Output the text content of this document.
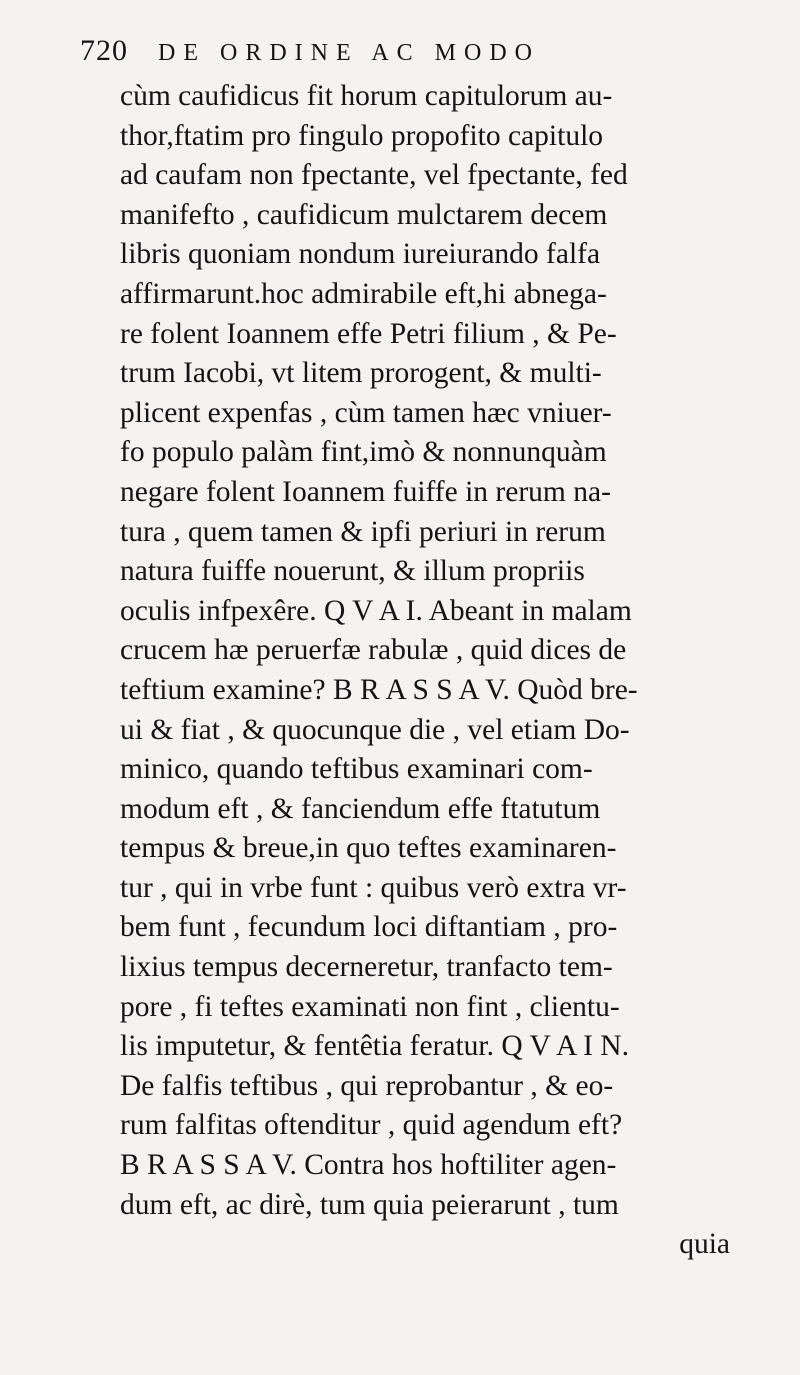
720	DE ORDINE AC MODO
cùm caufidicus fit horum capitulorum au-
thor,ftatim pro fingulo propofito capitulo
ad caufam non fpectante, vel fpectante, fed
manifefto , caufidicum mulctarem decem
libris quoniam nondum iureiurando falfa
affirmarunt.hoc admirabile eft,hi abnega-
re folent Ioannem effe Petri filium , & Pe-
trum Iacobi, vt litem prorogent, & multi-
plicent expenfas , cùm tamen hæc vniuer-
fo populo palàm fint,imò & nonnunquàm
negare folent Ioannem fuiffe in rerum na-
tura , quem tamen & ipfi periuri in rerum
natura fuiffe nouerunt, & illum propriis
oculis infpexêre. Q V A I. Abeant in malam
crucem hæ peruerfæ rabulæ , quid dices de
teftium examine? B R A S S A V. Quòd bre-
ui & fiat , & quocunque die , vel etiam Do-
minico, quando teftibus examinari com-
modum eft , & fanciendum effe ftatutum
tempus & breue,in quo teftes examinaren-
tur , qui in vrbe funt : quibus verò extra vr-
bem funt , fecundum loci diftantiam , pro-
lixius tempus decerneretur, tranfacto tem-
pore , fi teftes examinati non fint , clientu-
lis imputetur, & fentêtia feratur. Q V A I N.
De falfis teftibus , qui reprobantur , & eo-
rum falfitas oftenditur , quid agendum eft?
B R A S S A V. Contra hos hoftiliter agen-
dum eft, ac dirè, tum quia peierarunt , tum
quia
